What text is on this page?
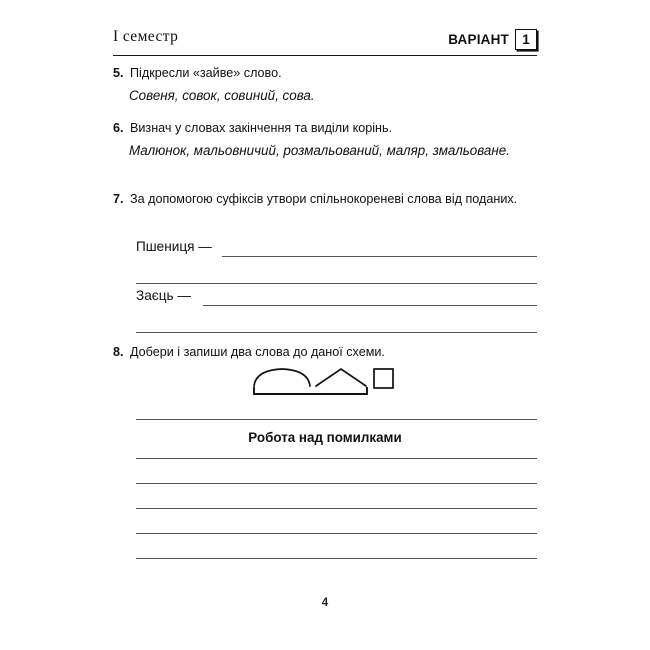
I семестр	ВАРІАНТ 1
5. Підкресли «зайве» слово.
Совеня, совок, совиний, сова.
6. Визнач у словах закінчення та виділи корінь.
Малюнок, мальовничий, розмальований, маляр, змальоване.
7. За допомогою суфіксів утвори спільнокореневі слова від поданих.
Пшениця —
Заєць —
8. Добери і запиши два слова до даної схеми.
Робота над помилками
4
